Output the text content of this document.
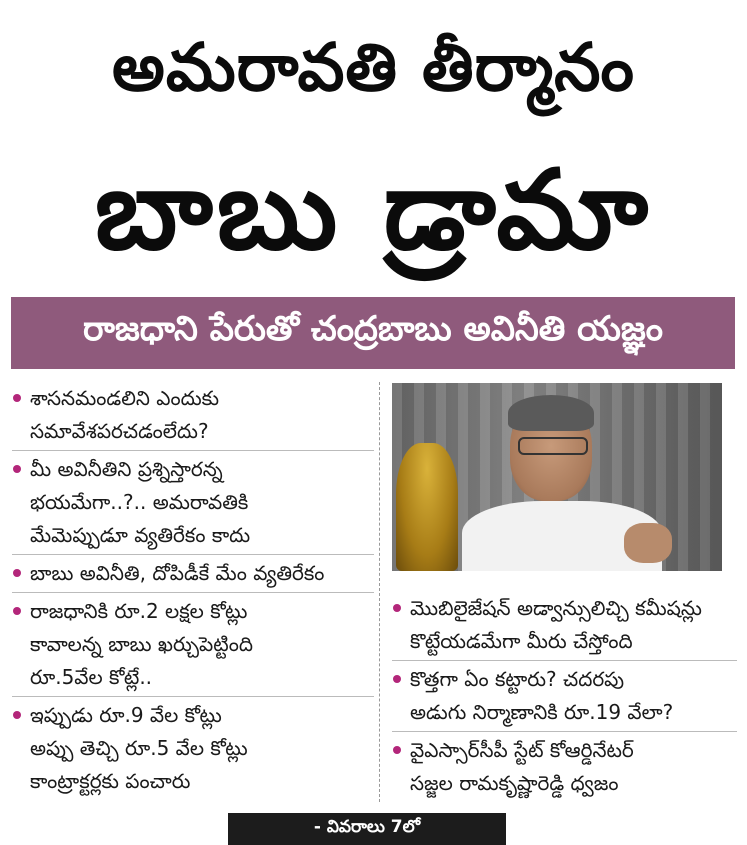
అమరావతి తీర్మానం
బాబు డ్రామా
రాజధాని పేరుతో చంద్రబాబు అవినీతి యజ్ఞం
శాసనమండలిని ఎందుకు
సమావేశపరచడంలేదు?
మీ అవినీతిని ప్రశ్నిస్తారన్న
భయమేగా..?.. అమరావతికి
మేమెప్పుడూ వ్యతిరేకం కాదు
బాబు అవినీతి, దోపిడీకే మేం వ్యతిరేకం
రాజధానికి రూ.2 లక్షల కోట్లు
కావాలన్న బాబు ఖర్చుపెట్టింది
రూ.5వేల కోట్లే..
ఇప్పుడు రూ.9 వేల కోట్లు
అప్పు తెచ్చి రూ.5 వేల కోట్లు
కాంట్రాక్టర్లకు పంచారు
మొబిలైజేషన్ అడ్వాన్సులిచ్చి కమీషన్లు
కొట్టేయడమేగా మీరు చేస్తోంది
కొత్తగా ఏం కట్టారు? చదరపు
అడుగు నిర్మాణానికి రూ.19 వేలా?
వైఎస్సార్‌సీపీ స్టేట్ కోఆర్డినేటర్
సజ్జల రామకృష్ణారెడ్డి ధ్వజం
- వివరాలు 7లో
